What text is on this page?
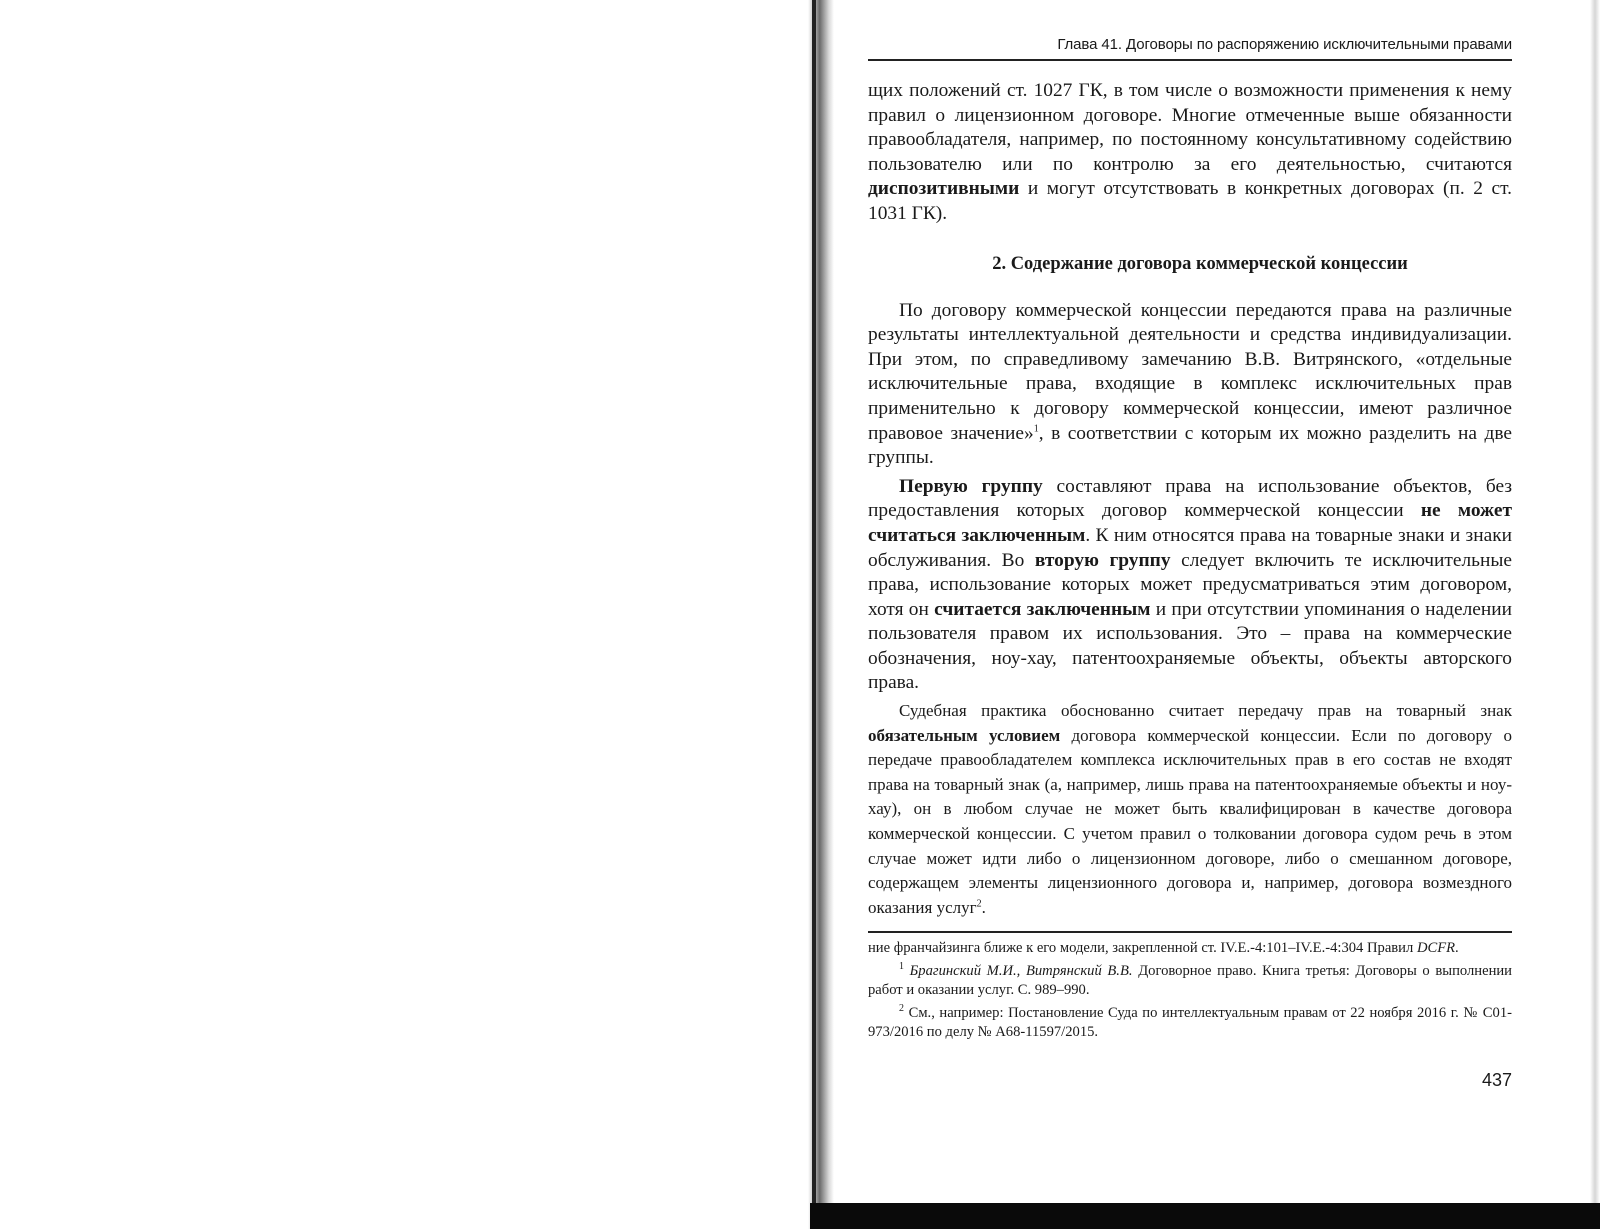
Глава 41. Договоры по распоряжению исключительными правами

щих положений ст. 1027 ГК, в том числе о возможности применения к нему правил о лицензионном договоре. Многие отмеченные выше обязанности правообладателя, например, по постоянному консультативному содействию пользователю или по контролю за его деятельностью, считаются диспозитивными и могут отсутствовать в конкретных договорах (п. 2 ст. 1031 ГК).

2. Содержание договора коммерческой концессии

По договору коммерческой концессии передаются права на различные результаты интеллектуальной деятельности и средства индивидуализации. При этом, по справедливому замечанию В.В. Витрянского, «отдельные исключительные права, входящие в комплекс исключительных прав применительно к договору коммерческой концессии, имеют различное правовое значение»$^1$, в соответствии с которым их можно разделить на две группы.

Первую группу составляют права на использование объектов, без предоставления которых договор коммерческой концессии не может считаться заключенным. К ним относятся права на товарные знаки и знаки обслуживания. Во вторую группу следует включить те исключительные права, использование которых может предусматриваться этим договором, хотя он считается заключенным и при отсутствии упоминания о наделении пользователя правом их использования. Это – права на коммерческие обозначения, ноу-хау, патентоохраняемые объекты, объекты авторского права.

Судебная практика обоснованно считает передачу прав на товарный знак обязательным условием договора коммерческой концессии. Если по договору о передаче правообладателем комплекса исключительных прав в его состав не входят права на товарный знак (а, например, лишь права на патентоохраняемые объекты и ноу-хау), он в любом случае не может быть квалифицирован в качестве договора коммерческой концессии. С учетом правил о толковании договора судом речь в этом случае может идти либо о лицензионном договоре, либо о смешанном договоре, содержащем элементы лицензионного договора и, например, договора возмездного оказания услуг$^2$.

ние франчайзинга ближе к его модели, закрепленной ст. IV.E.-4:101–IV.E.-4:304 Правил DCFR.

$^1$ Брагинский М.И., Витрянский В.В. Договорное право. Книга третья: Договоры о выполнении работ и оказании услуг. С. 989–990.

$^2$ См., например: Постановление Суда по интеллектуальным правам от 22 ноября 2016 г. № С01-973/2016 по делу № А68-11597/2015.

437
